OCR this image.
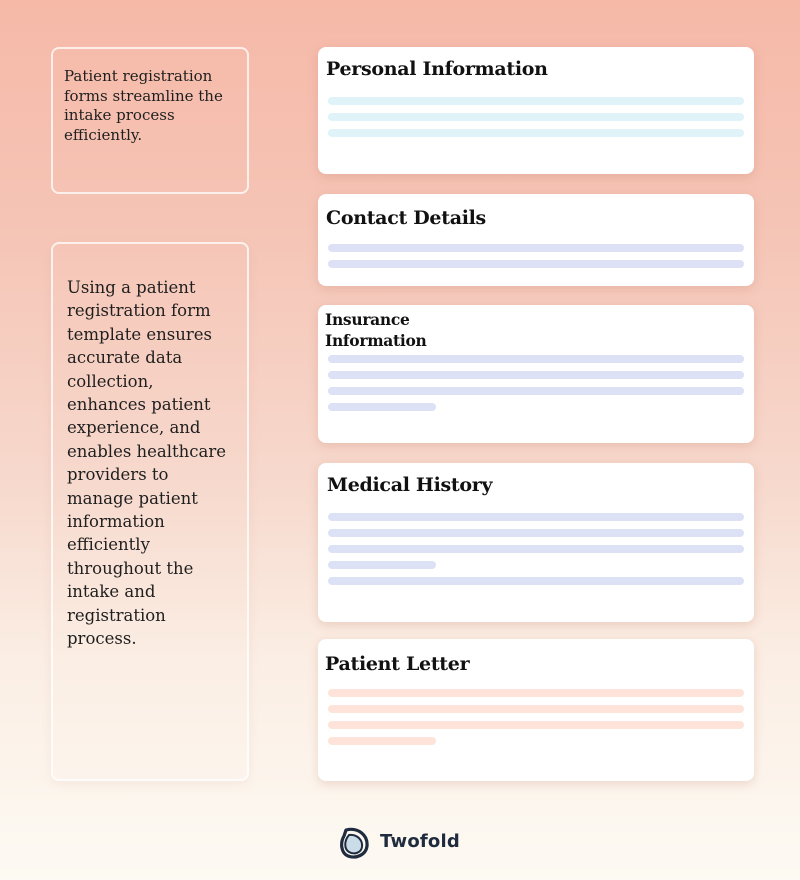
Patient registration forms streamline the intake process efficiently.
Using a patient registration form template ensures accurate data collection, enhances patient experience, and enables healthcare providers to manage patient information efficiently throughout the intake and registration process.
Personal Information
Contact Details
Insurance Information
Medical History
Patient Letter
Twofold
